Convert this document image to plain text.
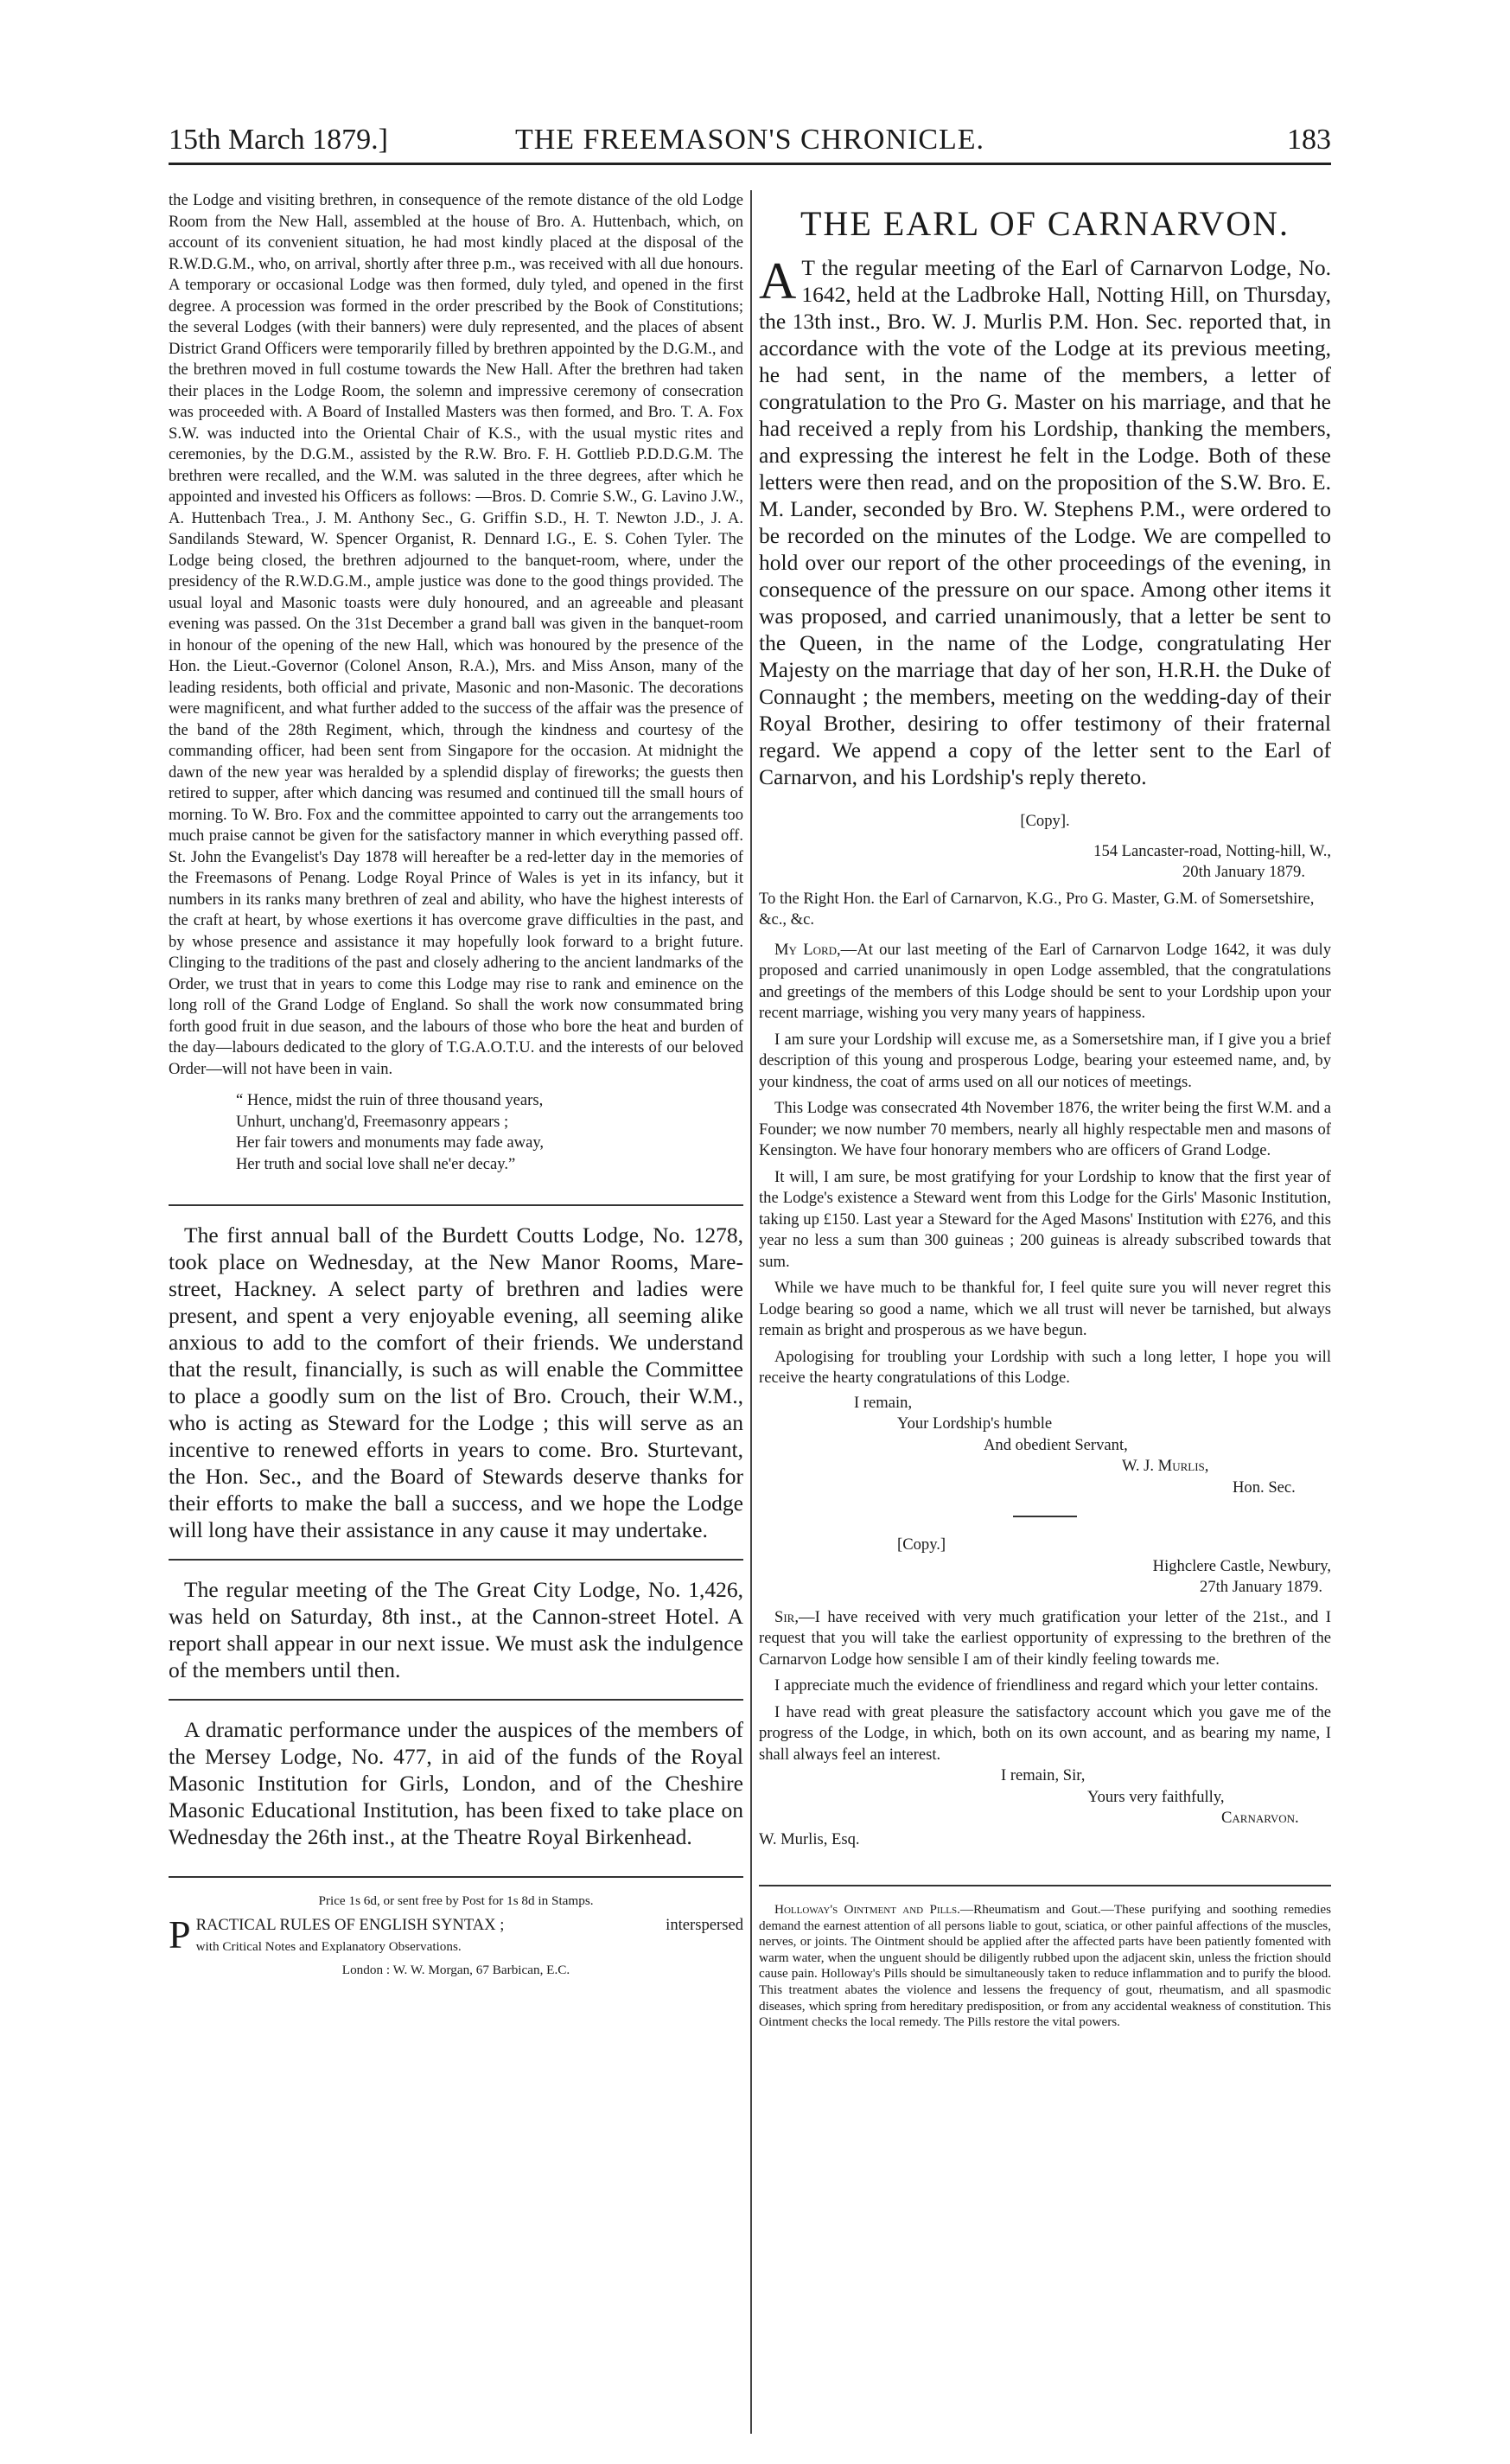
15th March 1879.]	THE FREEMASON'S CHRONICLE.	183

the Lodge and visiting brethren, in consequence of the remote distance of the old Lodge Room from the New Hall, assembled at the house of Bro. A. Huttenbach, which, on account of its convenient situation, he had most kindly placed at the disposal of the R.W.D.G.M., who, on arrival, shortly after three p.m., was received with all due honours. A temporary or occasional Lodge was then formed, duly tyled, and opened in the first degree. A procession was formed in the order prescribed by the Book of Constitutions; the several Lodges (with their banners) were duly represented, and the places of absent District Grand Officers were temporarily filled by brethren appointed by the D.G.M., and the brethren moved in full costume towards the New Hall. After the brethren had taken their places in the Lodge Room, the solemn and impressive ceremony of consecration was proceeded with. A Board of Installed Masters was then formed, and Bro. T. A. Fox S.W. was inducted into the Oriental Chair of K.S., with the usual mystic rites and ceremonies, by the D.G.M., assisted by the R.W. Bro. F. H. Gottlieb P.D.D.G.M. The brethren were recalled, and the W.M. was saluted in the three degrees, after which he appointed and invested his Officers as follows: —Bros. D. Comrie S.W., G. Lavino J.W., A. Huttenbach Trea., J. M. Anthony Sec., G. Griffin S.D., H. T. Newton J.D., J. A. Sandilands Steward, W. Spencer Organist, R. Dennard I.G., E. S. Cohen Tyler. The Lodge being closed, the brethren adjourned to the banquet-room, where, under the presidency of the R.W.D.G.M., ample justice was done to the good things provided. The usual loyal and Masonic toasts were duly honoured, and an agreeable and pleasant evening was passed. On the 31st December a grand ball was given in the banquet-room in honour of the opening of the new Hall, which was honoured by the presence of the Hon. the Lieut.-Governor (Colonel Anson, R.A.), Mrs. and Miss Anson, many of the leading residents, both official and private, Masonic and non-Masonic. The decorations were magnificent, and what further added to the success of the affair was the presence of the band of the 28th Regiment, which, through the kindness and courtesy of the commanding officer, had been sent from Singapore for the occasion. At midnight the dawn of the new year was heralded by a splendid display of fireworks; the guests then retired to supper, after which dancing was resumed and continued till the small hours of morning. To W. Bro. Fox and the committee appointed to carry out the arrangements too much praise cannot be given for the satisfactory manner in which everything passed off. St. John the Evangelist's Day 1878 will hereafter be a red-letter day in the memories of the Freemasons of Penang. Lodge Royal Prince of Wales is yet in its infancy, but it numbers in its ranks many brethren of zeal and ability, who have the highest interests of the craft at heart, by whose exertions it has overcome grave difficulties in the past, and by whose presence and assistance it may hopefully look forward to a bright future. Clinging to the traditions of the past and closely adhering to the ancient landmarks of the Order, we trust that in years to come this Lodge may rise to rank and eminence on the long roll of the Grand Lodge of England. So shall the work now consummated bring forth good fruit in due season, and the labours of those who bore the heat and burden of the day—labours dedicated to the glory of T.G.A.O.T.U. and the interests of our beloved Order—will not have been in vain.

“ Hence, midst the ruin of three thousand years,
Unhurt, unchang'd, Freemasonry appears ;
Her fair towers and monuments may fade away,
Her truth and social love shall ne'er decay.”

The first annual ball of the Burdett Coutts Lodge, No. 1278, took place on Wednesday, at the New Manor Rooms, Mare-street, Hackney. A select party of brethren and ladies were present, and spent a very enjoyable evening, all seeming alike anxious to add to the comfort of their friends. We understand that the result, financially, is such as will enable the Committee to place a goodly sum on the list of Bro. Crouch, their W.M., who is acting as Steward for the Lodge ; this will serve as an incentive to renewed efforts in years to come. Bro. Sturtevant, the Hon. Sec., and the Board of Stewards deserve thanks for their efforts to make the ball a success, and we hope the Lodge will long have their assistance in any cause it may undertake.

The regular meeting of the The Great City Lodge, No. 1,426, was held on Saturday, 8th inst., at the Cannon-street Hotel. A report shall appear in our next issue. We must ask the indulgence of the members until then.

A dramatic performance under the auspices of the members of the Mersey Lodge, No. 477, in aid of the funds of the Royal Masonic Institution for Girls, London, and of the Cheshire Masonic Educational Institution, has been fixed to take place on Wednesday the 26th inst., at the Theatre Royal Birkenhead.

Price 1s 6d, or sent free by Post for 1s 8d in Stamps.

PRACTICAL RULES OF ENGLISH SYNTAX ;	interspersed

with Critical Notes and Explanatory Observations.

London : W. W. Morgan, 67 Barbican, E.C.

THE EARL OF CARNARVON.

A T the regular meeting of the Earl of Carnarvon Lodge, No. 1642, held at the Ladbroke Hall, Notting Hill, on Thursday, the 13th inst., Bro. W. J. Murlis P.M. Hon. Sec. reported that, in accordance with the vote of the Lodge at its previous meeting, he had sent, in the name of the members, a letter of congratulation to the Pro G. Master on his marriage, and that he had received a reply from his Lordship, thanking the members, and expressing the interest he felt in the Lodge. Both of these letters were then read, and on the proposition of the S.W. Bro. E. M. Lander, seconded by Bro. W. Stephens P.M., were ordered to be recorded on the minutes of the Lodge. We are compelled to hold over our report of the other proceedings of the evening, in consequence of the pressure on our space. Among other items it was proposed, and carried unanimously, that a letter be sent to the Queen, in the name of the Lodge, congratulating Her Majesty on the marriage that day of her son, H.R.H. the Duke of Connaught ; the members, meeting on the wedding-day of their Royal Brother, desiring to offer testimony of their fraternal regard. We append a copy of the letter sent to the Earl of Carnarvon, and his Lordship's reply thereto.

[Copy].

154 Lancaster-road, Notting-hill, W.,

20th January 1879.

To the Right Hon. the Earl of Carnarvon, K.G., Pro G. Master, G.M. of Somersetshire, &c., &c.

My Lord,—At our last meeting of the Earl of Carnarvon Lodge 1642, it was duly proposed and carried unanimously in open Lodge assembled, that the congratulations and greetings of the members of this Lodge should be sent to your Lordship upon your recent marriage, wishing you very many years of happiness.

I am sure your Lordship will excuse me, as a Somersetshire man, if I give you a brief description of this young and prosperous Lodge, bearing your esteemed name, and, by your kindness, the coat of arms used on all our notices of meetings.

This Lodge was consecrated 4th November 1876, the writer being the first W.M. and a Founder; we now number 70 members, nearly all highly respectable men and masons of Kensington. We have four honorary members who are officers of Grand Lodge.

It will, I am sure, be most gratifying for your Lordship to know that the first year of the Lodge's existence a Steward went from this Lodge for the Girls' Masonic Institution, taking up £150. Last year a Steward for the Aged Masons' Institution with £276, and this year no less a sum than 300 guineas ; 200 guineas is already subscribed towards that sum.

While we have much to be thankful for, I feel quite sure you will never regret this Lodge bearing so good a name, which we all trust will never be tarnished, but always remain as bright and prosperous as we have begun.

Apologising for troubling your Lordship with such a long letter, I hope you will receive the hearty congratulations of this Lodge.

I remain,
Your Lordship's humble
And obedient Servant,
W. J. Murlis,
Hon. Sec.

[Copy.]

Highclere Castle, Newbury,

27th January 1879.

Sir,—I have received with very much gratification your letter of the 21st., and I request that you will take the earliest opportunity of expressing to the brethren of the Carnarvon Lodge how sensible I am of their kindly feeling towards me.

I appreciate much the evidence of friendliness and regard which your letter contains.

I have read with great pleasure the satisfactory account which you gave me of the progress of the Lodge, in which, both on its own account, and as bearing my name, I shall always feel an interest.

I remain, Sir,
Yours very faithfully,
Carnarvon.
W. Murlis, Esq.

Holloway's Ointment and Pills.—Rheumatism and Gout.—These purifying and soothing remedies demand the earnest attention of all persons liable to gout, sciatica, or other painful affections of the muscles, nerves, or joints. The Ointment should be applied after the affected parts have been patiently fomented with warm water, when the unguent should be diligently rubbed upon the adjacent skin, unless the friction should cause pain. Holloway's Pills should be simultaneously taken to reduce inflammation and to purify the blood. This treatment abates the violence and lessens the frequency of gout, rheumatism, and all spasmodic diseases, which spring from hereditary predisposition, or from any accidental weakness of constitution. This Ointment checks the local remedy. The Pills restore the vital powers.
